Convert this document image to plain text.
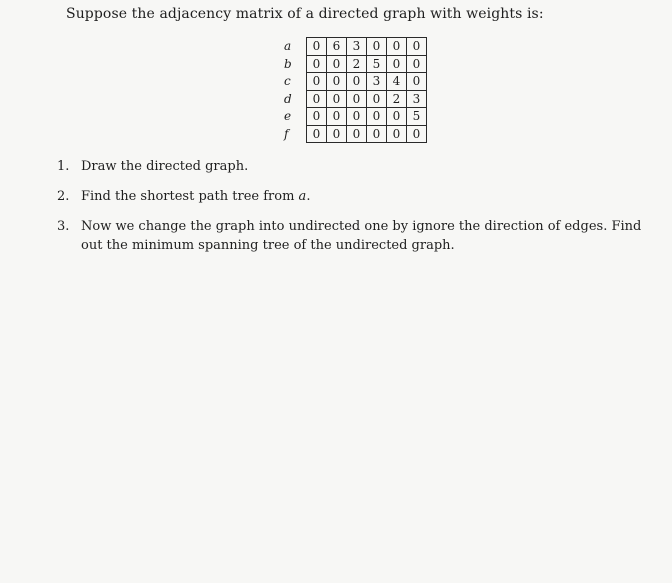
Suppose the adjacency matrix of a directed graph with weights is:
a	0	6	3	0	0	0
b	0	0	2	5	0	0
c	0	0	0	3	4	0
d	0	0	0	0	2	3
e	0	0	0	0	0	5
f	0	0	0	0	0	0
1. Draw the directed graph.
2. Find the shortest path tree from a.
3. Now we change the graph into undirected one by ignore the direction of edges. Find
out the minimum spanning tree of the undirected graph.
